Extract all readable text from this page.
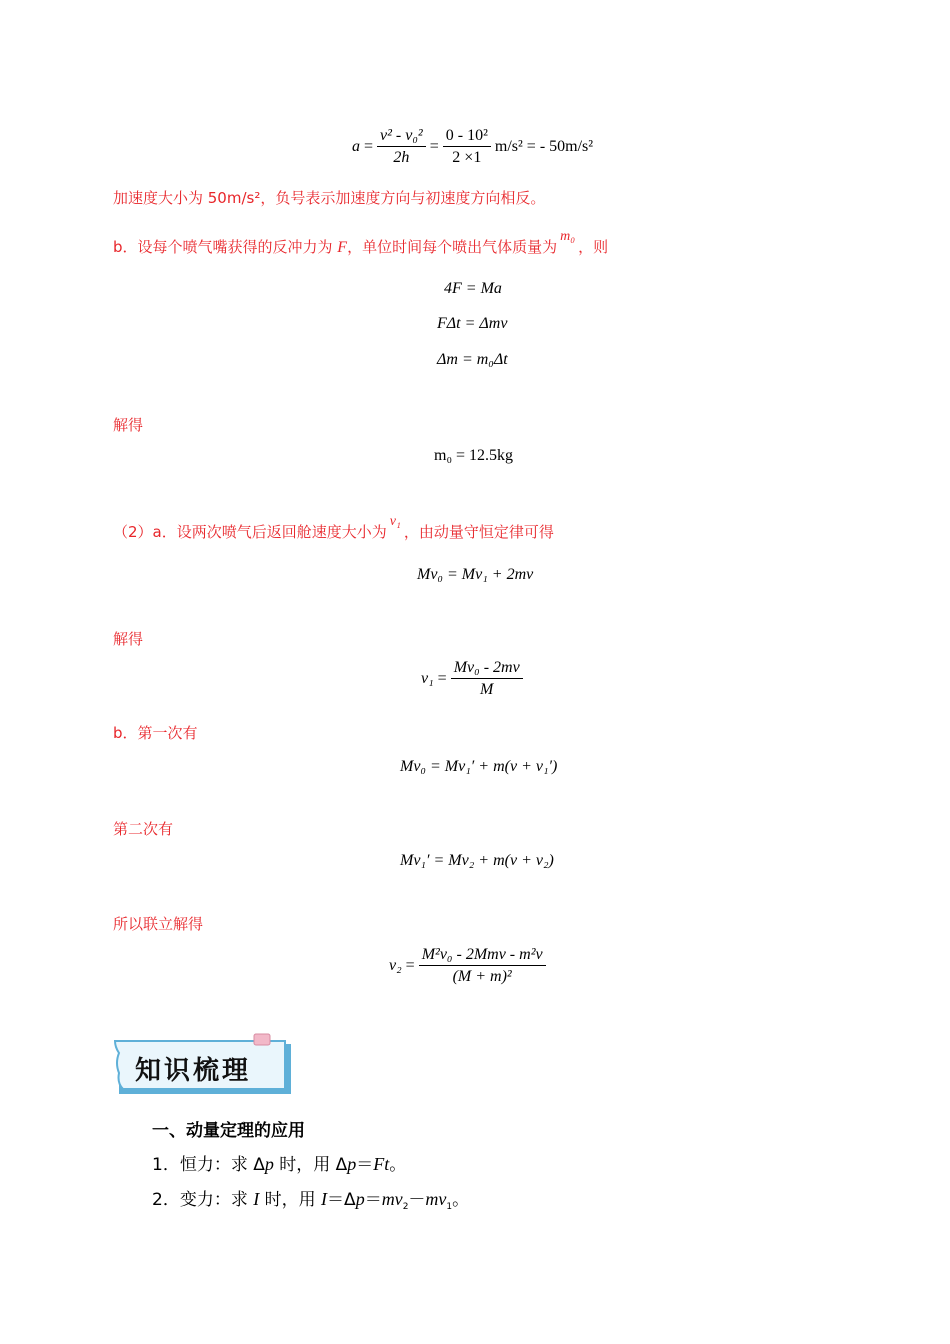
$a = \frac{\text{v² - v₀²}}{2h} = \frac{\text{0 - 10²}}{2 \times 1} m/s^2$ = - 50m/s²
加速度大小为 50m/s²，负号表示加速度方向与初速度方向相反。
b．设每个喷气嘴获得的反冲力为 F，单位时间每个喷出气体质量为m₀，则
4F = Ma
FΔt = Δmv
Δm = m₀Δt
解得
m₀ = 12.5kg
（2）a．设两次喷气后返回舱速度大小为v₁，由动量守恒定律可得
Mv₀ = Mv₁ + 2mv
解得
$v_1 = \frac{\text{Mv₀ - 2mv}}{M}$
b．第一次有
Mv₀ = Mv₁′ + m(v + v₁′)
第二次有
Mv₁′ = Mv₂ + m(v + v₂)
所以联立解得
$v_2 = \frac{\text{M²v₀ - 2Mmv - m²v}}{\text{(M + m)²}}$
知识梳理
一、动量定理的应用
1．恒力：求 Δp 时，用 Δp＝Ft。
2．变力：求 I 时，用 $I=\Delta p=mv_2-mv_1$。
